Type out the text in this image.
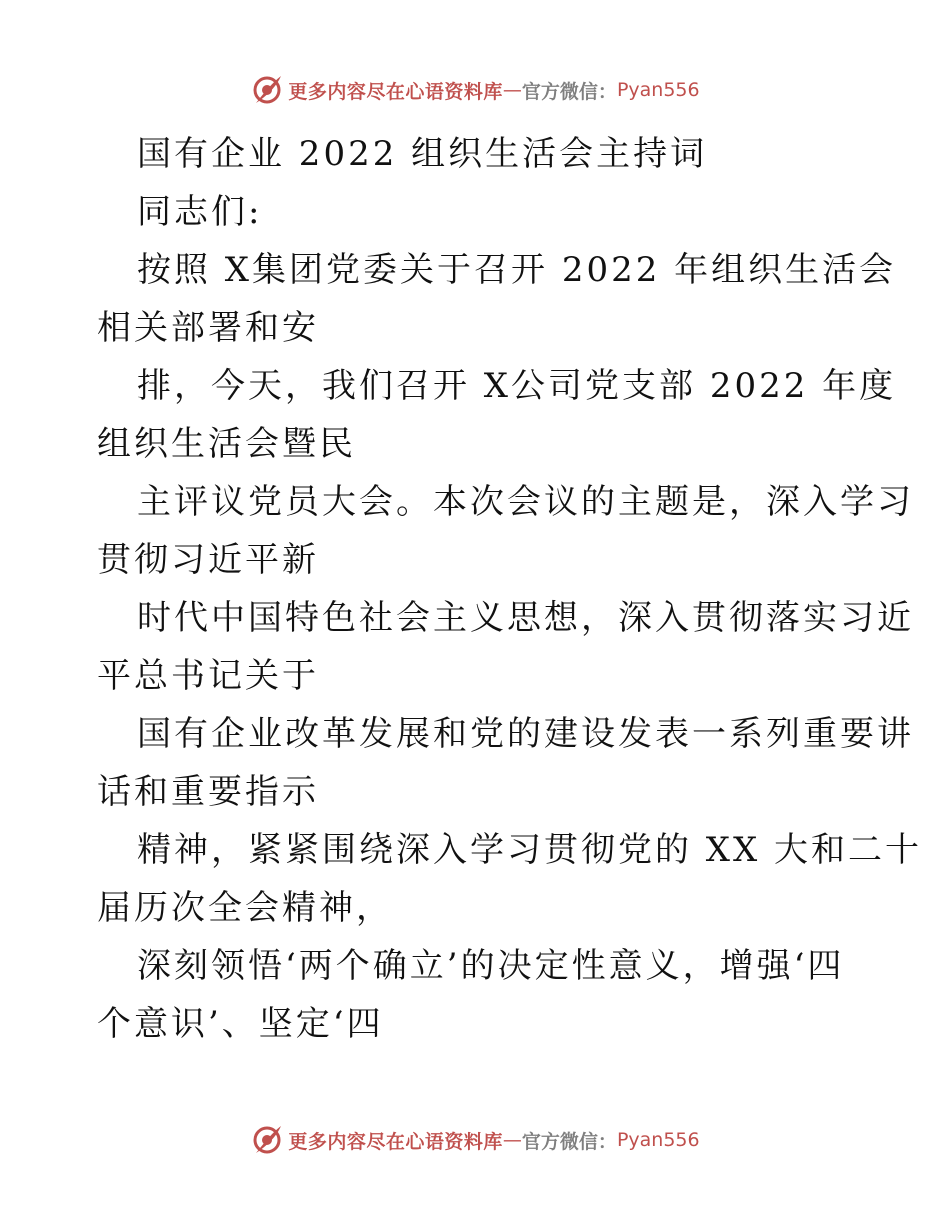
更多内容尽在心语资料库 — 官方微信： Pyan556
国有企业 2022 组织生活会主持词
同志们:
按照 X集团党委关于召开 2022 年组织生活会
相关部署和安
排，今天，我们召开 X公司党支部 2022 年度
组织生活会暨民
主评议党员大会。本次会议的主题是，深入学习
贯彻习近平新
时代中国特色社会主义思想，深入贯彻落实习近
平总书记关于
国有企业改革发展和党的建设发表一系列重要讲
话和重要指示
精神，紧紧围绕深入学习贯彻党的 XX 大和二十
届历次全会精神，
深刻领悟‘两个确立’的决定性意义，增强‘四
个意识’、坚定‘四
更多内容尽在心语资料库 — 官方微信： Pyan556
